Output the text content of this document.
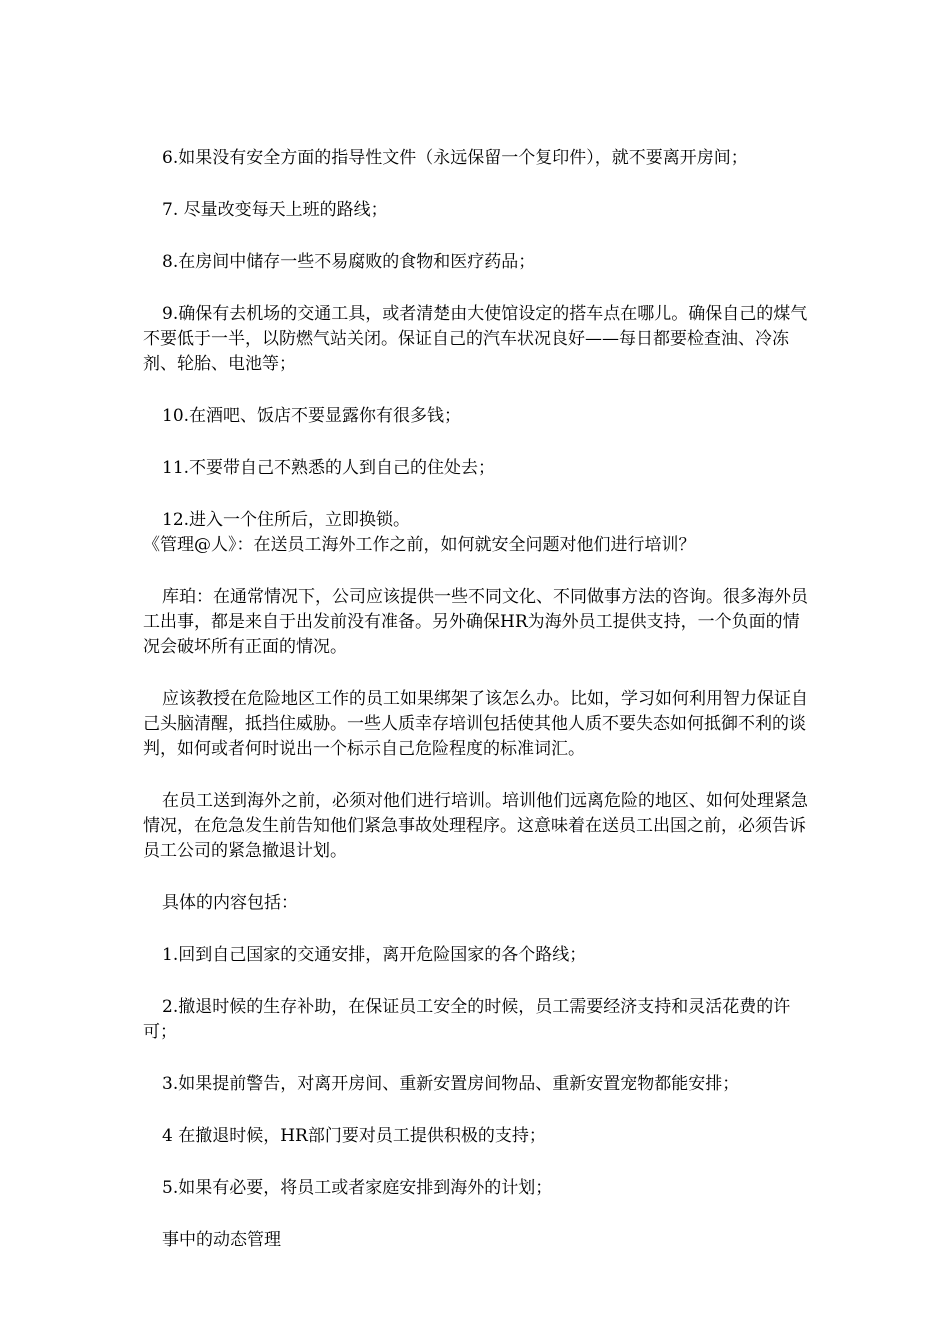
6.如果没有安全方面的指导性文件（永远保留一个复印件），就不要离开房间；

7. 尽量改变每天上班的路线；

8.在房间中储存一些不易腐败的食物和医疗药品；

9.确保有去机场的交通工具，或者清楚由大使馆设定的搭车点在哪儿。确保自己的煤气不要低于一半，以防燃气站关闭。保证自己的汽车状况良好——每日都要检查油、冷冻剂、轮胎、电池等；

10.在酒吧、饭店不要显露你有很多钱；

11.不要带自己不熟悉的人到自己的住处去；

12.进入一个住所后，立即换锁。

《管理@人》：在送员工海外工作之前，如何就安全问题对他们进行培训？

库珀：在通常情况下，公司应该提供一些不同文化、不同做事方法的咨询。很多海外员工出事，都是来自于出发前没有准备。另外确保HR为海外员工提供支持，一个负面的情况会破坏所有正面的情况。

应该教授在危险地区工作的员工如果绑架了该怎么办。比如，学习如何利用智力保证自己头脑清醒，抵挡住威胁。一些人质幸存培训包括使其他人质不要失态如何抵御不利的谈判，如何或者何时说出一个标示自己危险程度的标准词汇。

在员工送到海外之前，必须对他们进行培训。培训他们远离危险的地区、如何处理紧急情况，在危急发生前告知他们紧急事故处理程序。这意味着在送员工出国之前，必须告诉员工公司的紧急撤退计划。

具体的内容包括：

1.回到自己国家的交通安排，离开危险国家的各个路线；

2.撤退时候的生存补助，在保证员工安全的时候，员工需要经济支持和灵活花费的许可；

3.如果提前警告，对离开房间、重新安置房间物品、重新安置宠物都能安排；

4 在撤退时候，HR部门要对员工提供积极的支持；

5.如果有必要，将员工或者家庭安排到海外的计划；

事中的动态管理
